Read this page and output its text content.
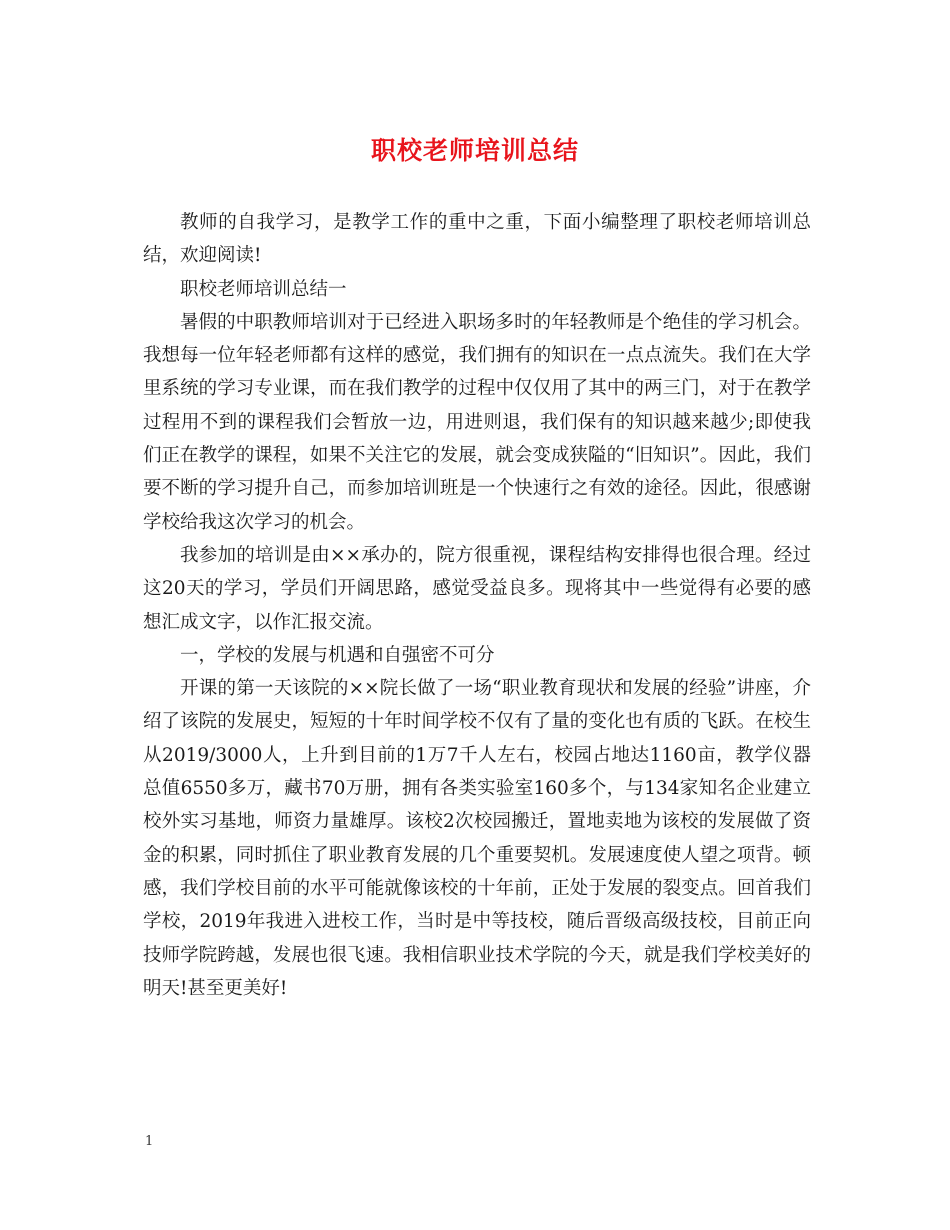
职校老师培训总结

教师的自我学习，是教学工作的重中之重，下面小编整理了职校老师培训总结，欢迎阅读!

职校老师培训总结一

暑假的中职教师培训对于已经进入职场多时的年轻教师是个绝佳的学习机会。我想每一位年轻老师都有这样的感觉，我们拥有的知识在一点点流失。我们在大学里系统的学习专业课，而在我们教学的过程中仅仅用了其中的两三门，对于在教学过程用不到的课程我们会暂放一边，用进则退，我们保有的知识越来越少;即使我们正在教学的课程，如果不关注它的发展，就会变成狭隘的“旧知识”。因此，我们要不断的学习提升自己，而参加培训班是一个快速行之有效的途径。因此，很感谢学校给我这次学习的机会。

我参加的培训是由××承办的，院方很重视，课程结构安排得也很合理。经过这20天的学习，学员们开阔思路，感觉受益良多。现将其中一些觉得有必要的感想汇成文字，以作汇报交流。

一，学校的发展与机遇和自强密不可分

开课的第一天该院的××院长做了一场“职业教育现状和发展的经验”讲座，介绍了该院的发展史，短短的十年时间学校不仅有了量的变化也有质的飞跃。在校生从2019/3000人，上升到目前的1万7千人左右，校园占地达1160亩，教学仪器总值6550多万，藏书70万册，拥有各类实验室160多个，与134家知名企业建立校外实习基地，师资力量雄厚。该校2次校园搬迁，置地卖地为该校的发展做了资金的积累，同时抓住了职业教育发展的几个重要契机。发展速度使人望之项背。顿感，我们学校目前的水平可能就像该校的十年前，正处于发展的裂变点。回首我们学校，2019年我进入进校工作，当时是中等技校，随后晋级高级技校，目前正向技师学院跨越，发展也很飞速。我相信职业技术学院的今天，就是我们学校美好的明天!甚至更美好!

1
